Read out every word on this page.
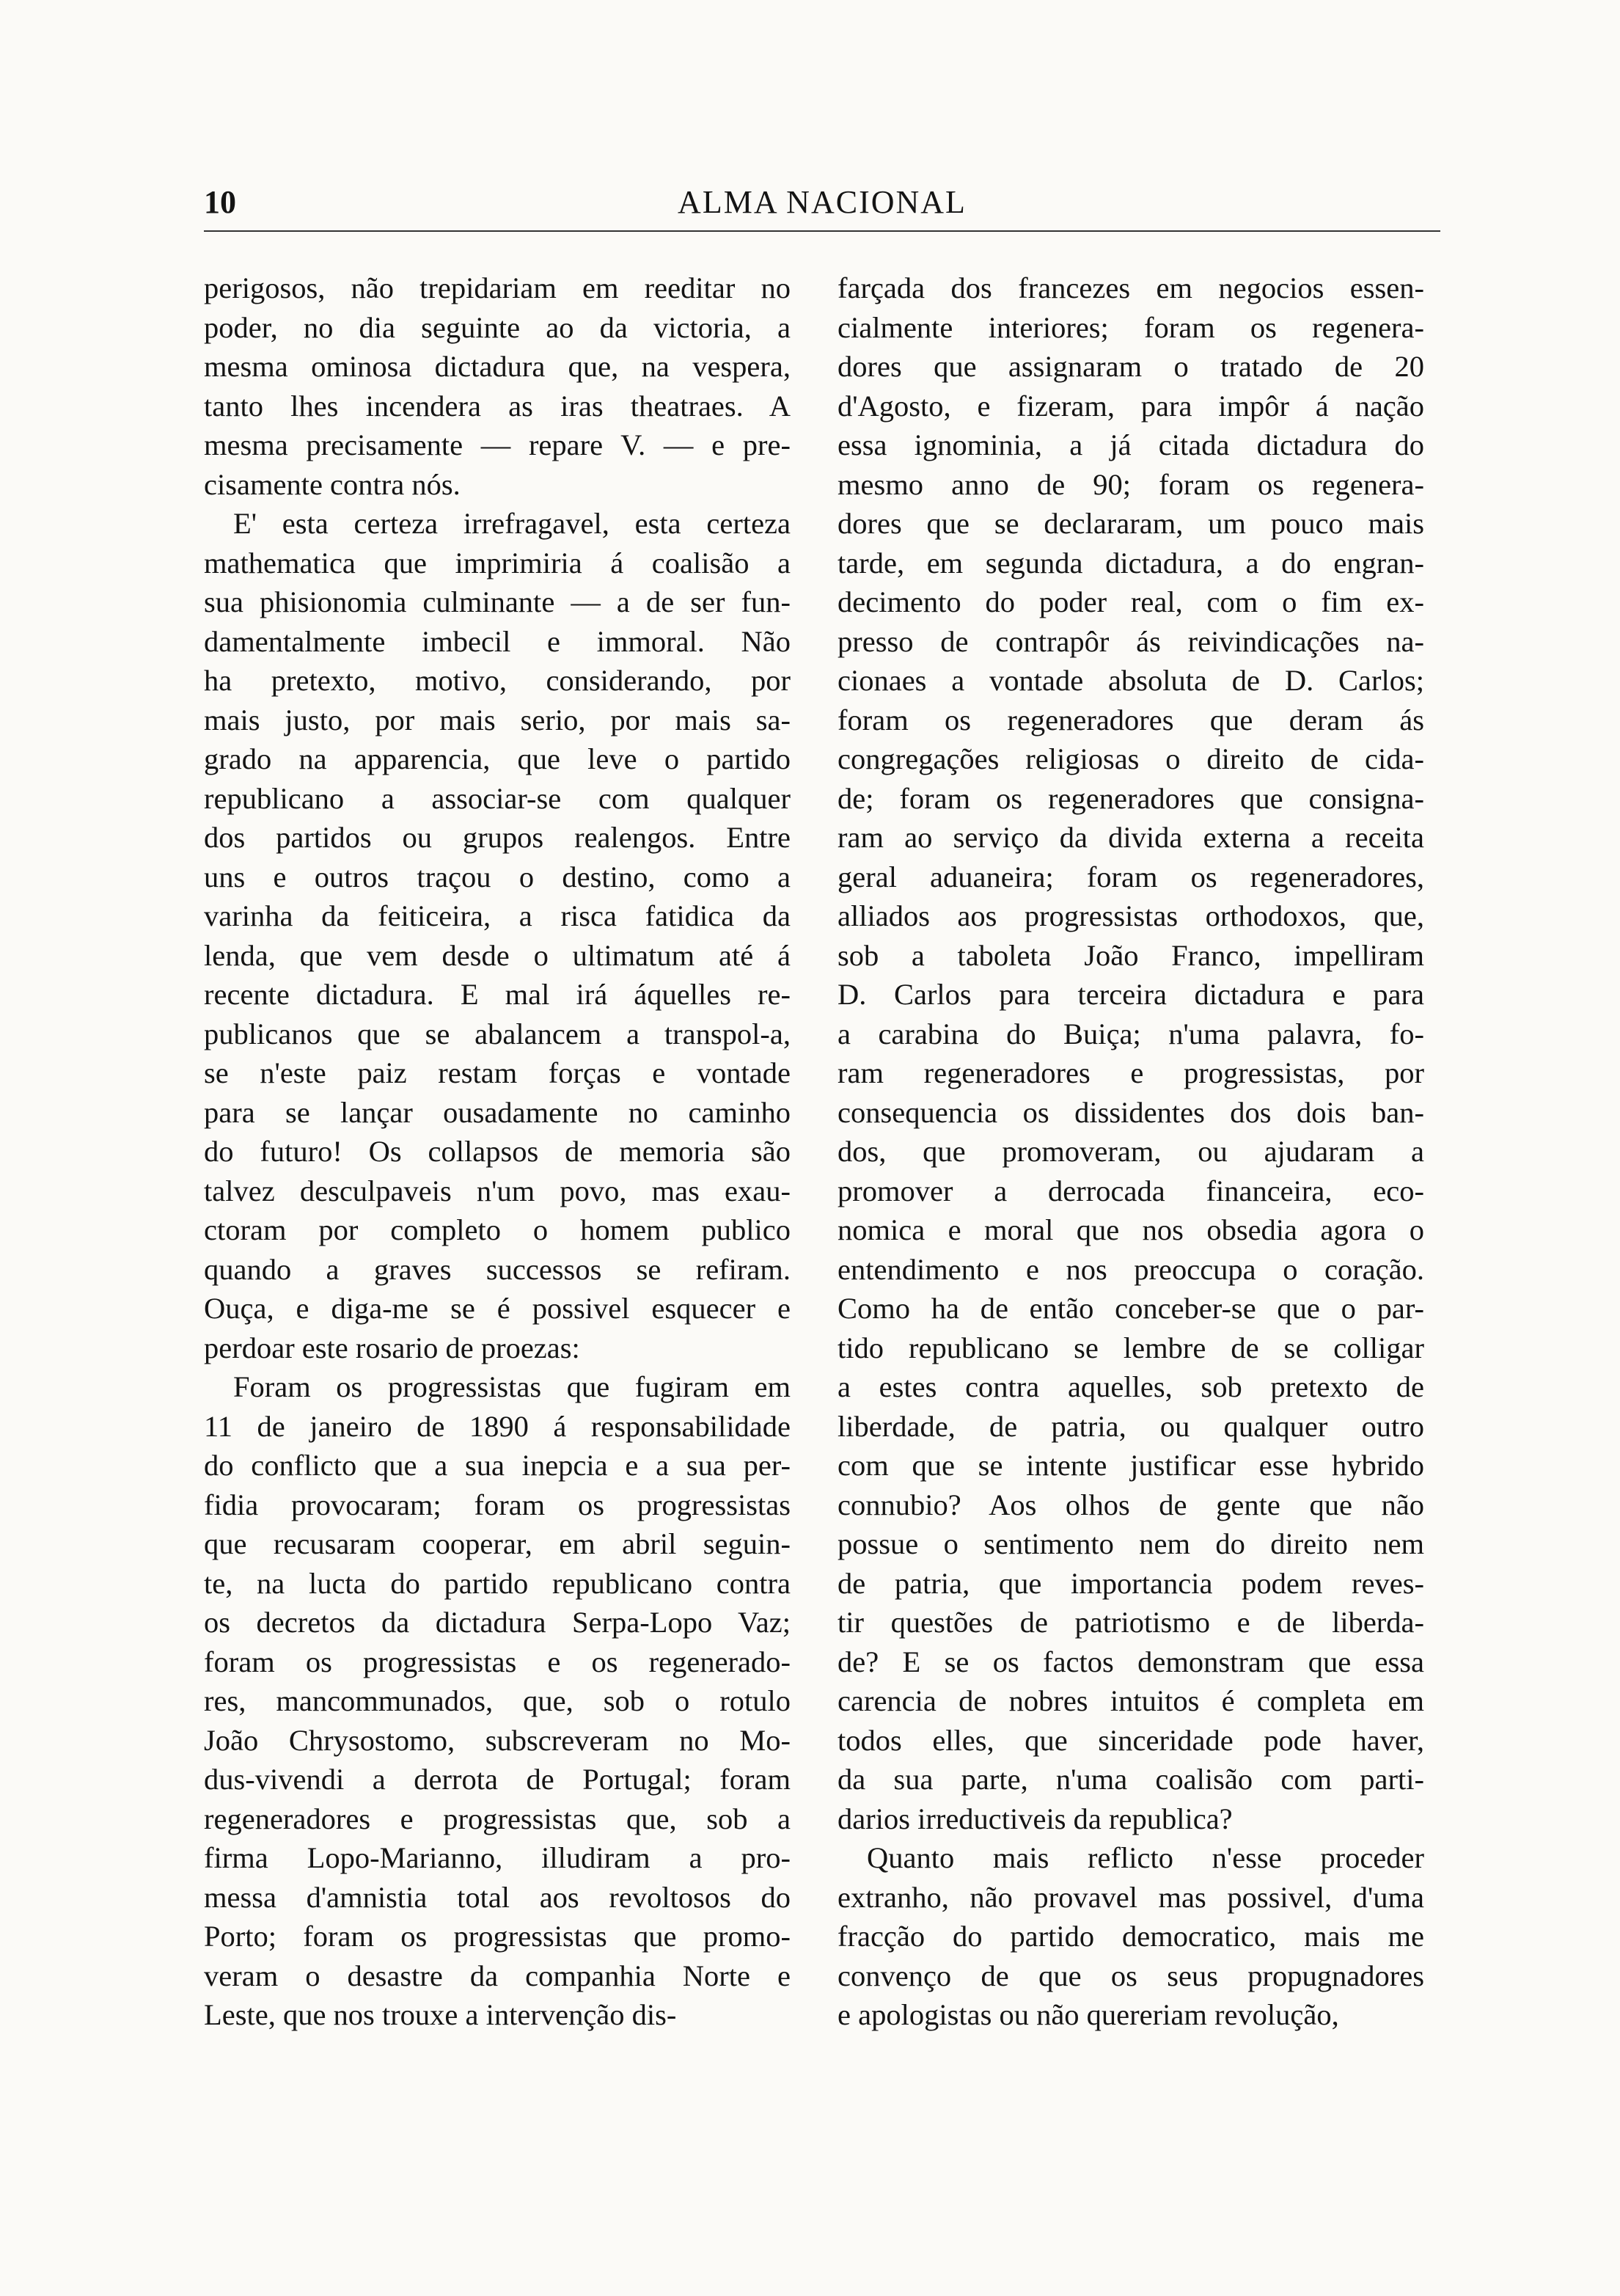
10	ALMA NACIONAL
perigosos, não trepidariam em reeditar no
poder, no dia seguinte ao da victoria, a
mesma ominosa dictadura que, na vespera,
tanto lhes incendera as iras theatraes. A
mesma precisamente — repare V. — e pre-
cisamente contra nós.
E' esta certeza irrefragavel, esta certeza
mathematica que imprimiria á coalisão a
sua phisionomia culminante — a de ser fun-
damentalmente imbecil e immoral. Não
ha pretexto, motivo, considerando, por
mais justo, por mais serio, por mais sa-
grado na apparencia, que leve o partido
republicano a associar-se com qualquer
dos partidos ou grupos realengos. Entre
uns e outros traçou o destino, como a
varinha da feiticeira, a risca fatidica da
lenda, que vem desde o ultimatum até á
recente dictadura. E mal irá áquelles re-
publicanos que se abalancem a transpol-a,
se n'este paiz restam forças e vontade
para se lançar ousadamente no caminho
do futuro! Os collapsos de memoria são
talvez desculpaveis n'um povo, mas exau-
ctoram por completo o homem publico
quando a graves successos se refiram.
Ouça, e diga-me se é possivel esquecer e
perdoar este rosario de proezas:
Foram os progressistas que fugiram em
11 de janeiro de 1890 á responsabilidade
do conflicto que a sua inepcia e a sua per-
fidia provocaram; foram os progressistas
que recusaram cooperar, em abril seguin-
te, na lucta do partido republicano contra
os decretos da dictadura Serpa-Lopo Vaz;
foram os progressistas e os regenerado-
res, mancommunados, que, sob o rotulo
João Chrysostomo, subscreveram no Mo-
dus-vivendi a derrota de Portugal; foram
regeneradores e progressistas que, sob a
firma Lopo-Marianno, illudiram a pro-
messa d'amnistia total aos revoltosos do
Porto; foram os progressistas que promo-
veram o desastre da companhia Norte e
Leste, que nos trouxe a intervenção dis-
farçada dos francezes em negocios essen-
cialmente interiores; foram os regenera-
dores que assignaram o tratado de 20
d'Agosto, e fizeram, para impôr á nação
essa ignominia, a já citada dictadura do
mesmo anno de 90; foram os regenera-
dores que se declararam, um pouco mais
tarde, em segunda dictadura, a do engran-
decimento do poder real, com o fim ex-
presso de contrapôr ás reivindicações na-
cionaes a vontade absoluta de D. Carlos;
foram os regeneradores que deram ás
congregações religiosas o direito de cida-
de; foram os regeneradores que consigna-
ram ao serviço da divida externa a receita
geral aduaneira; foram os regeneradores,
alliados aos progressistas orthodoxos, que,
sob a taboleta João Franco, impelliram
D. Carlos para terceira dictadura e para
a carabina do Buiça; n'uma palavra, fo-
ram regeneradores e progressistas, por
consequencia os dissidentes dos dois ban-
dos, que promoveram, ou ajudaram a
promover a derrocada financeira, eco-
nomica e moral que nos obsedia agora o
entendimento e nos preoccupa o coração.
Como ha de então conceber-se que o par-
tido republicano se lembre de se colligar
a estes contra aquelles, sob pretexto de
liberdade, de patria, ou qualquer outro
com que se intente justificar esse hybrido
connubio? Aos olhos de gente que não
possue o sentimento nem do direito nem
de patria, que importancia podem reves-
tir questões de patriotismo e de liberda-
de? E se os factos demonstram que essa
carencia de nobres intuitos é completa em
todos elles, que sinceridade pode haver,
da sua parte, n'uma coalisão com parti-
darios irreductiveis da republica?
Quanto mais reflicto n'esse proceder
extranho, não provavel mas possivel, d'uma
fracção do partido democratico, mais me
convenço de que os seus propugnadores
e apologistas ou não quereriam revolução,
